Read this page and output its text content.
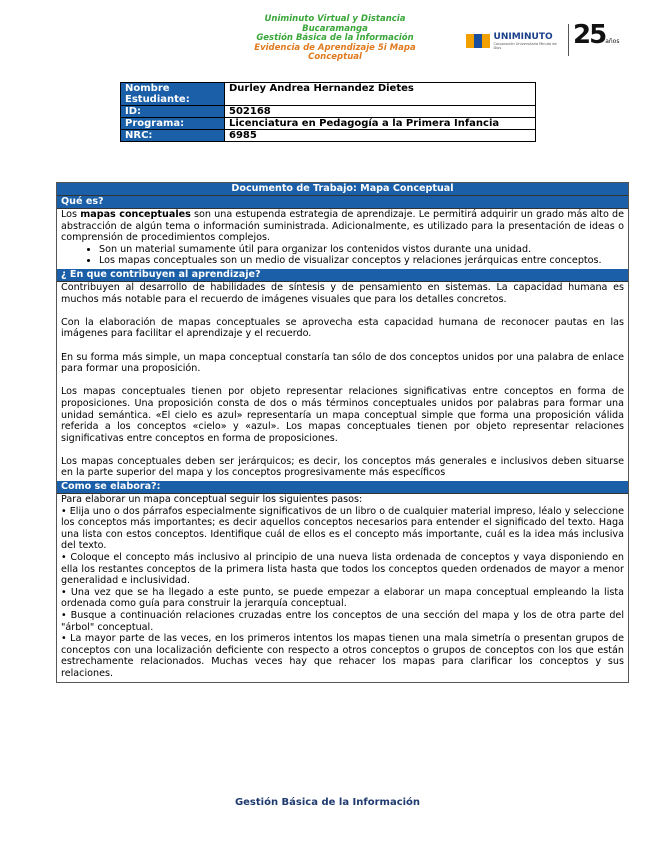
Uniminuto Virtual y Distancia
Bucaramanga
Gestión Básica de la Información
Evidencia de Aprendizaje 5i Mapa
Conceptual
UNIMINUTO
Corporación Universitaria Minuto de Dios	25años
Nombre Estudiante:	Durley Andrea Hernandez Dietes
ID:	502168
Programa:	Licenciatura en Pedagogía a la Primera Infancia
NRC:	6985
Documento de Trabajo: Mapa Conceptual
Qué es?

Los mapas conceptuales son una estupenda estrategia de aprendizaje. Le permitirá adquirir un grado más alto de abstracción de algún tema o información suministrada. Adicionalmente, es utilizado para la presentación de ideas o comprensión de procedimientos complejos.

• Son un material sumamente útil para organizar los contenidos vistos durante una unidad.
• Los mapas conceptuales son un medio de visualizar conceptos y relaciones jerárquicas entre conceptos.
¿ En que contribuyen al aprendizaje?

Contribuyen al desarrollo de habilidades de síntesis y de pensamiento en sistemas. La capacidad humana es muchos más notable para el recuerdo de imágenes visuales que para los detalles concretos.

Con la elaboración de mapas conceptuales se aprovecha esta capacidad humana de reconocer pautas en las imágenes para facilitar el aprendizaje y el recuerdo.

En su forma más simple, un mapa conceptual constaría tan sólo de dos conceptos unidos por una palabra de enlace para formar una proposición.

Los mapas conceptuales tienen por objeto representar relaciones significativas entre conceptos en forma de proposiciones. Una proposición consta de dos o más términos conceptuales unidos por palabras para formar una unidad semántica. «El cielo es azul» representaría un mapa conceptual simple que forma una proposición válida referida a los conceptos «cielo» y «azul». Los mapas conceptuales tienen por objeto representar relaciones significativas entre conceptos en forma de proposiciones.

Los mapas conceptuales deben ser jerárquicos; es decir, los conceptos más generales e inclusivos deben situarse en la parte superior del mapa y los conceptos progresivamente más específicos

Como se elabora?:

Para elaborar un mapa conceptual seguir los siguientes pasos:

• Elija uno o dos párrafos especialmente significativos de un libro o de cualquier material impreso, léalo y seleccione los conceptos más importantes; es decir aquellos conceptos necesarios para entender el significado del texto. Haga una lista con estos conceptos. Identifique cuál de ellos es el concepto más importante, cuál es la idea más inclusiva del texto.

• Coloque el concepto más inclusivo al principio de una nueva lista ordenada de conceptos y vaya disponiendo en ella los restantes conceptos de la primera lista hasta que todos los conceptos queden ordenados de mayor a menor generalidad e inclusividad.

• Una vez que se ha llegado a este punto, se puede empezar a elaborar un mapa conceptual empleando la lista ordenada como guía para construir la jerarquía conceptual.

• Busque a continuación relaciones cruzadas entre los conceptos de una sección del mapa y los de otra parte del "árbol" conceptual.

• La mayor parte de las veces, en los primeros intentos los mapas tienen una mala simetría o presentan grupos de conceptos con una localización deficiente con respecto a otros conceptos o grupos de conceptos con los que están estrechamente relacionados. Muchas veces hay que rehacer los mapas para clarificar los conceptos y sus relaciones.

Gestión Básica de la Información
